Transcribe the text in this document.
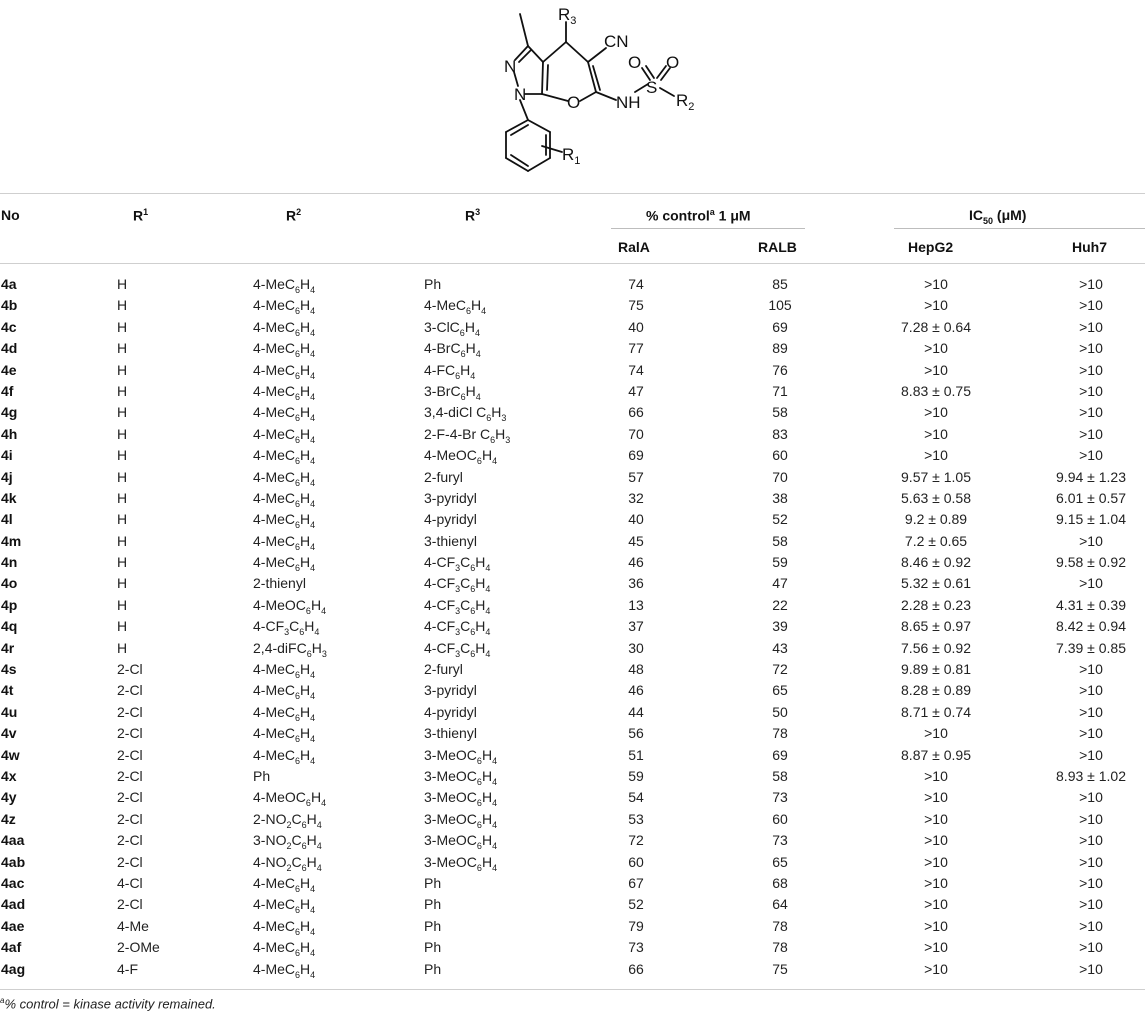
$R_3$
CN
N
N O NH
S
O O
$R_2$
$R_1$
No	$R^1$	$R^2$	$R^3$	% control$^a$ 1 μM	$IC_{50}$ (μM)
RalA	RALB	HepG2	Huh7
4a	H	$4-MeC_6H_4$	Ph	74	85	>10	>10
4b	H	$4-MeC_6H_4$	$4-MeC_6H_4$	75	105	>10	>10
4c	H	$4-MeC_6H_4$	$3-ClC_6H_4$	40	69	7.28 ± 0.64	>10
4d	H	$4-MeC_6H_4$	$4-BrC_6H_4$	77	89	>10	>10
4e	H	$4-MeC_6H_4$	$4-FC_6H_4$	74	76	>10	>10
4f	H	$4-MeC_6H_4$	$3-BrC_6H_4$	47	71	8.83 ± 0.75	>10
4g	H	$4-MeC_6H_4$	3,4-diCl $C_6H_3$	66	58	>10	>10
4h	H	$4-MeC_6H_4$	2-F-4-Br $C_6H_3$	70	83	>10	>10
4i	H	$4-MeC_6H_4$	$4-MeOC_6H_4$	69	60	>10	>10
4j	H	$4-MeC_6H_4$	2-furyl	57	70	9.57 ± 1.05	9.94 ± 1.23
4k	H	$4-MeC_6H_4$	3-pyridyl	32	38	5.63 ± 0.58	6.01 ± 0.57
4l	H	$4-MeC_6H_4$	4-pyridyl	40	52	9.2 ± 0.89	9.15 ± 1.04
4m	H	$4-MeC_6H_4$	3-thienyl	45	58	7.2 ± 0.65	>10
4n	H	$4-MeC_6H_4$	$4-CF_3C_6H_4$	46	59	8.46 ± 0.92	9.58 ± 0.92
4o	H	2-thienyl	$4-CF_3C_6H_4$	36	47	5.32 ± 0.61	>10
4p	H	$4-MeOC_6H_4$	$4-CF_3C_6H_4$	13	22	2.28 ± 0.23	4.31 ± 0.39
4q	H	$4-CF_3C_6H_4$	$4-CF_3C_6H_4$	37	39	8.65 ± 0.97	8.42 ± 0.94
4r	H	$2,4-diFC_6H_3$	$4-CF_3C_6H_4$	30	43	7.56 ± 0.92	7.39 ± 0.85
4s	2-Cl	$4-MeC_6H_4$	2-furyl	48	72	9.89 ± 0.81	>10
4t	2-Cl	$4-MeC_6H_4$	3-pyridyl	46	65	8.28 ± 0.89	>10
4u	2-Cl	$4-MeC_6H_4$	4-pyridyl	44	50	8.71 ± 0.74	>10
4v	2-Cl	$4-MeC_6H_4$	3-thienyl	56	78	>10	>10
4w	2-Cl	$4-MeC_6H_4$	$3-MeOC_6H_4$	51	69	8.87 ± 0.95	>10
4x	2-Cl	Ph	$3-MeOC_6H_4$	59	58	>10	8.93 ± 1.02
4y	2-Cl	$4-MeOC_6H_4$	$3-MeOC_6H_4$	54	73	>10	>10
4z	2-Cl	$2-NO_2C_6H_4$	$3-MeOC_6H_4$	53	60	>10	>10
4aa	2-Cl	$3-NO_2C_6H_4$	$3-MeOC_6H_4$	72	73	>10	>10
4ab	2-Cl	$4-NO_2C_6H_4$	$3-MeOC_6H_4$	60	65	>10	>10
4ac	4-Cl	$4-MeC_6H_4$	Ph	67	68	>10	>10
4ad	2-Cl	$4-MeC_6H_4$	Ph	52	64	>10	>10
4ae	4-Me	$4-MeC_6H_4$	Ph	79	78	>10	>10
4af	2-OMe	$4-MeC_6H_4$	Ph	73	78	>10	>10
4ag	4-F	$4-MeC_6H_4$	Ph	66	75	>10	>10
$^a$% control = kinase activity remained.
